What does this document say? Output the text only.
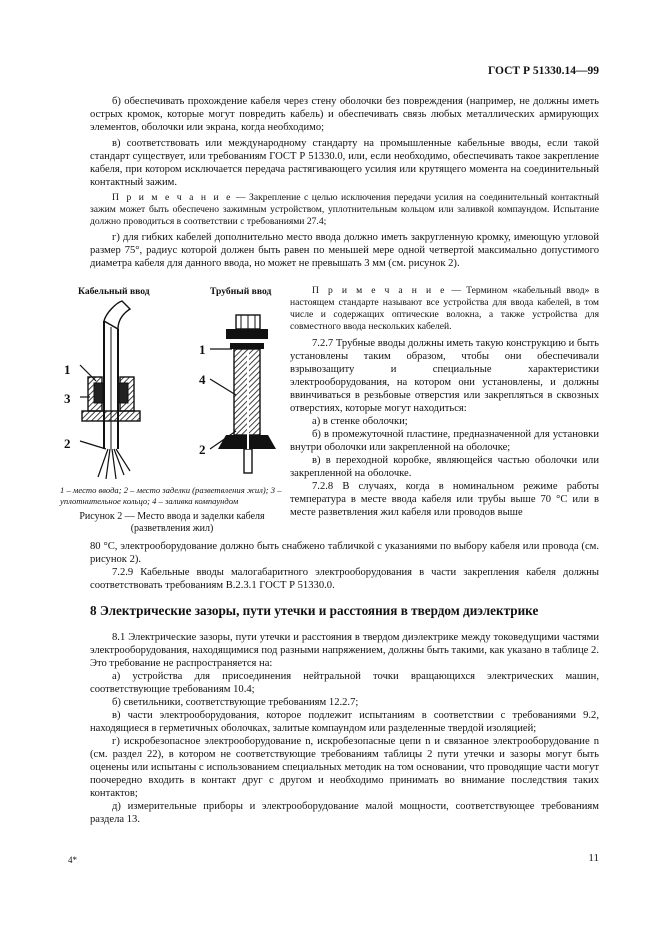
ГОСТ Р 51330.14—99

б) обеспечивать прохождение кабеля через стену оболочки без повреждения (например, не должны иметь острых кромок, которые могут повредить кабель) и обеспечивать связь любых металлических армирующих элементов, оболочки или экрана, когда необходимо;

в) соответствовать или международному стандарту на промышленные кабельные вводы, если такой стандарт существует, или требованиям ГОСТ Р 51330.0, или, если необходимо, обеспечивать такое закрепление кабеля, при котором исключается передача растягивающего усилия или крутящего момента на соединительный контактный зажим.

П р и м е ч а н и е — Закрепление с целью исключения передачи усилия на соединительный контактный зажим может быть обеспечено зажимным устройством, уплотнительным кольцом или заливкой компаундом. Испытание должно проводиться в соответствии с требованиями 27.4;

г) для гибких кабелей дополнительно место ввода должно иметь закругленную кромку, имеющую угловой размер 75°, радиус которой должен быть равен по меньшей мере одной четвертой максимально допустимого диаметра кабеля для данного ввода, но может не превышать 3 мм (см. рисунок 2).

Кабельный ввод	Трубный ввод
1
3
2
1
4
2
1 – место ввода; 2 – место заделки (разветвления жил); 3 – уплотнительное кольцо; 4 – заливка компаундом
Рисунок 2 — Место ввода и заделки кабеля (разветвления жил)

П р и м е ч а н и е — Термином «кабельный ввод» в настоящем стандарте называют все устройства для ввода кабелей, в том числе и содержащих оптические волокна, а также устройства для совместного ввода нескольких кабелей.

7.2.7 Трубные вводы должны иметь такую конструкцию и быть установлены таким образом, чтобы они обеспечивали взрывозащиту и специальные характеристики электрооборудования, на котором они установлены, и должны ввинчиваться в резьбовые отверстия или закрепляться в сквозных отверстиях, которые могут находиться:

а) в стенке оболочки;

б) в промежуточной пластине, предназначенной для установки внутри оболочки или закрепленной на оболочке;

в) в переходной коробке, являющейся частью оболочки или закрепленной на оболочке.

7.2.8 В случаях, когда в номинальном режиме работы температура в месте ввода кабеля или трубы выше 70 °С или в месте разветвления жил кабеля или проводов выше

80 °С, электрооборудование должно быть снабжено табличкой с указаниями по выбору кабеля или провода (см. рисунок 2).

7.2.9 Кабельные вводы малогабаритного электрооборудования в части закрепления кабеля должны соответствовать требованиям В.2.3.1 ГОСТ Р 51330.0.

8 Электрические зазоры, пути утечки и расстояния в твердом диэлектрике

8.1 Электрические зазоры, пути утечки и расстояния в твердом диэлектрике между токоведущими частями электрооборудования, находящимися под разными напряжением, должны быть такими, как указано в таблице 2. Это требование не распространяется на:

а) устройства для присоединения нейтральной точки вращающихся электрических машин, соответствующие требованиям 10.4;

б) светильники, соответствующие требованиям 12.2.7;

в) части электрооборудования, которое подлежит испытаниям в соответствии с требованиями 9.2, находящиеся в герметичных оболочках, залитые компаундом или разделенные твердой изоляцией;

г) искробезопасное электрооборудование n, искробезопасные цепи n и связанное электрооборудование n (см. раздел 22), в котором не соответствующие требованиям таблицы 2 пути утечки и зазоры могут быть оценены или испытаны с использованием специальных методик на том основании, что проводящие части могут поочередно входить в контакт друг с другом и необходимо принимать во внимание последствия таких контактов;

д) измерительные приборы и электрооборудование малой мощности, соответствующее требованиям раздела 13.

4*	11
